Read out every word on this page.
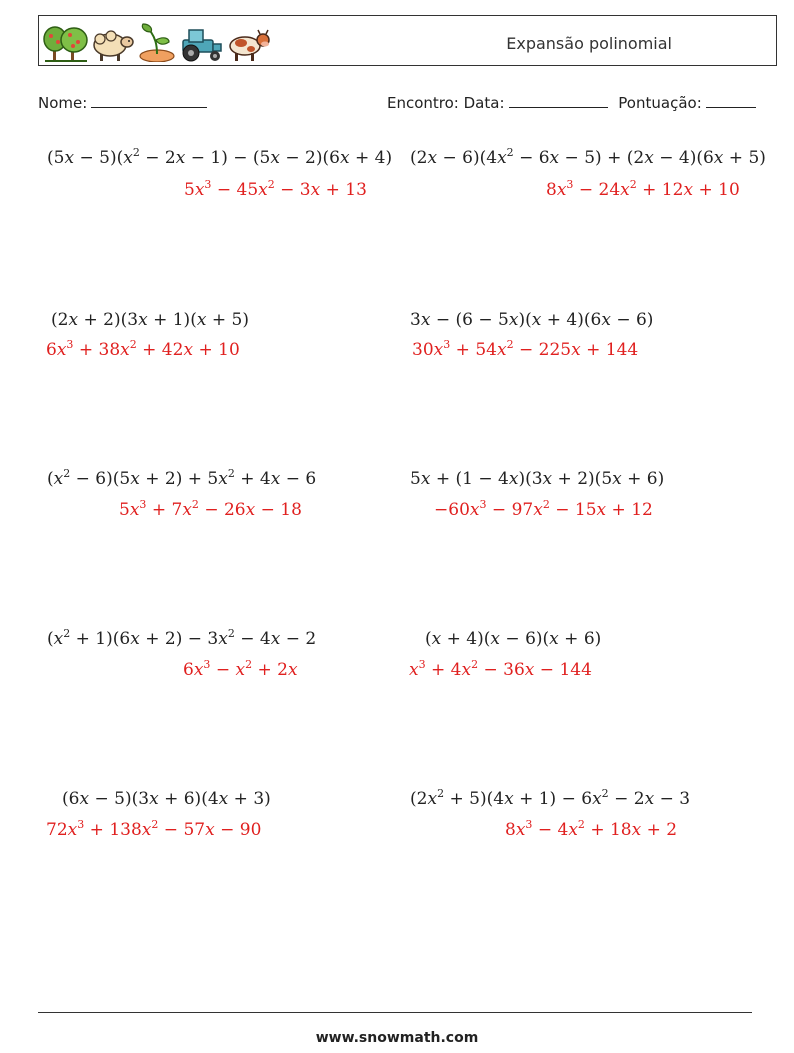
Expansão polinomial
Nome:	Encontro: Data:	Pontuação:
$(5x - 5)(x^2 - 2x - 1) - (5x - 2)(6x + 4)$
$5x^3 - 45x^2 - 3x + 13$
$(2x - 6)(4x^2 - 6x - 5) + (2x - 4)(6x + 5)$
$8x^3 - 24x^2 + 12x + 10$
(2x + 2)(3x + 1)(x + 5)
$6x^3 + 38x^2 + 42x + 10$
3x − (6 − 5x)(x + 4)(6x − 6)
$30x^3 + 54x^2 - 225x + 144$
$(x^2 - 6)(5x + 2) + 5x^2 + 4x - 6$
$5x^3 + 7x^2 - 26x - 18$
5x + (1 − 4x)(3x + 2)(5x + 6)
$-60x^3 - 97x^2 - 15x + 12$
$(x^2 + 1)(6x + 2) - 3x^2 - 4x - 2$
$6x^3 - x^2 + 2x$
(x + 4)(x − 6)(x + 6)
$x^3 + 4x^2 - 36x - 144$
(6x − 5)(3x + 6)(4x + 3)
$72x^3 + 138x^2 - 57x - 90$
$(2x^2 + 5)(4x + 1) - 6x^2 - 2x - 3$
$8x^3 - 4x^2 + 18x + 2$
www.snowmath.com
